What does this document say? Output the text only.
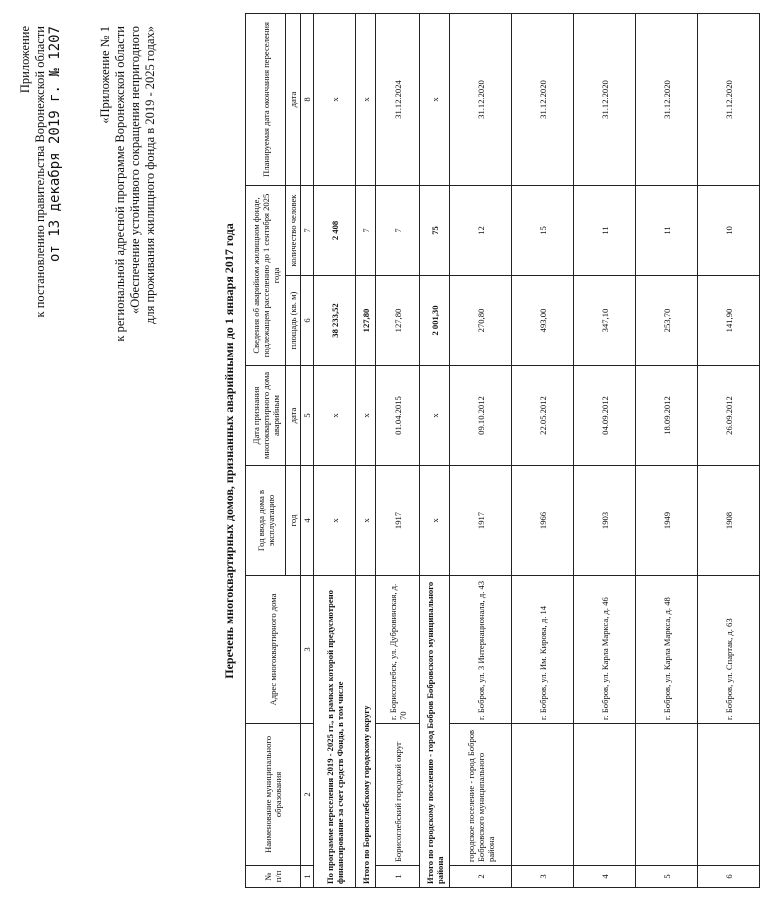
Приложение к постановлению правительства Воронежской области от 13 декабря 2019 г. № 1207	«Приложение № 1 к региональной адресной программе Воронежской области «Обеспечение устойчивого сокращения непригодного для проживания жилищного фонда в 2019 - 2025 годах»
Перечень многоквартирных домов, признанных аварийными до 1 января 2017 года
№ п/п	Наименование муниципального образования	Адрес многоквартирного дома	Год ввода дома в эксплуатацию	Дата признания многоквартирного дома аварийным	Сведения об аварийном жилищном фонде, подлежащем расселению до 1 сентября 2025 года		Планируемая дата окончания переселения
			год	дата	площадь (кв. м)	количество человек	дата
1	2	3	4	5	6	7	8
По программе переселения 2019 - 2025 гг., в рамках которой предусмотрено финансирование за счет средств Фонда, в том числе			x	x	38 233,52	2 408	x
Итого по Борисоглебскому городскому округу			x	x	127,80	7	x
1	Борисоглебский городской округ	г. Борисоглебск, ул. Дубровинская, д. 70	1917	01.04.2015	127,80	7	31.12.2024
Итого по городскому поселению - город Бобров Бобровского муниципального района			x	x	2 001,30	75	x
2	городское поселение - город Бобров Бобровского муниципального района	г. Бобров, ул. 3 Интернационала, д. 43	1917	09.10.2012	270,80	12	31.12.2020
3		г. Бобров, ул. Им. Кирова, д. 14	1966	22.05.2012	493,00	15	31.12.2020
4		г. Бобров, ул. Карла Маркса, д. 46	1903	04.09.2012	347,10	11	31.12.2020
5		г. Бобров, ул. Карла Маркса, д. 48	1949	18.09.2012	253,70	11	31.12.2020
6		г. Бобров, ул. Спартак, д. 63	1908	26.09.2012	141,90	10	31.12.2020
